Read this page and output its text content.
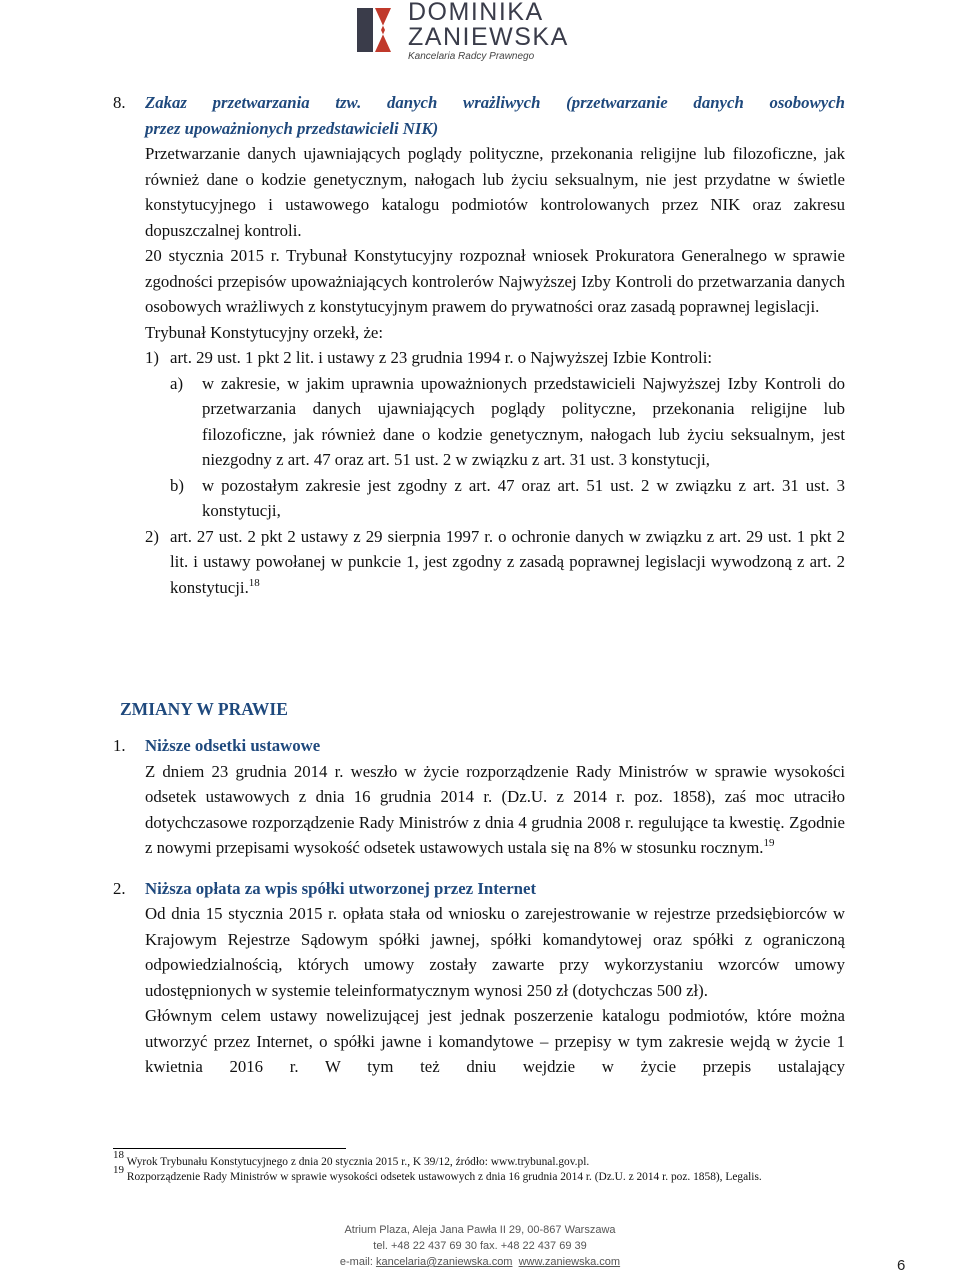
DOMINIKA
ZANIEWSKA
Kancelaria Radcy Prawnego
8. Zakaz przetwarzania tzw. danych wrażliwych (przetwarzanie danych osobowych
przez upoważnionych przedstawicieli NIK)
Przetwarzanie danych ujawniających poglądy polityczne, przekonania religijne lub filozoficzne, jak również dane o kodzie genetycznym, nałogach lub życiu seksualnym, nie jest przydatne w świetle konstytucyjnego i ustawowego katalogu podmiotów kontrolowanych przez NIK oraz zakresu dopuszczalnej kontroli.
20 stycznia 2015 r. Trybunał Konstytucyjny rozpoznał wniosek Prokuratora Generalnego w sprawie zgodności przepisów upoważniających kontrolerów Najwyższej Izby Kontroli do przetwarzania danych osobowych wrażliwych z konstytucyjnym prawem do prywatności oraz zasadą poprawnej legislacji.
Trybunał Konstytucyjny orzekł, że:
1) art. 29 ust. 1 pkt 2 lit. i ustawy z 23 grudnia 1994 r. o Najwyższej Izbie Kontroli:
a) w zakresie, w jakim uprawnia upoważnionych przedstawicieli Najwyższej Izby Kontroli do przetwarzania danych ujawniających poglądy polityczne, przekonania religijne lub filozoficzne, jak również dane o kodzie genetycznym, nałogach lub życiu seksualnym, jest niezgodny z art. 47 oraz art. 51 ust. 2 w związku z art. 31 ust. 3 konstytucji,
b) w pozostałym zakresie jest zgodny z art. 47 oraz art. 51 ust. 2 w związku z art. 31 ust. 3 konstytucji,
2) art. 27 ust. 2 pkt 2 ustawy z 29 sierpnia 1997 r. o ochronie danych w związku z art. 29 ust. 1 pkt 2 lit. i ustawy powołanej w punkcie 1, jest zgodny z zasadą poprawnej legislacji wywodzoną z art. 2 konstytucji.$^{18}$
ZMIANY W PRAWIE
1. Niższe odsetki ustawowe
Z dniem 23 grudnia 2014 r. weszło w życie rozporządzenie Rady Ministrów w sprawie wysokości odsetek ustawowych z dnia 16 grudnia 2014 r. (Dz.U. z 2014 r. poz. 1858), zaś moc utraciło dotychczasowe rozporządzenie Rady Ministrów z dnia 4 grudnia 2008 r. regulujące ta kwestię. Zgodnie z nowymi przepisami wysokość odsetek ustawowych ustala się na 8% w stosunku rocznym.$^{19}$
2. Niższa opłata za wpis spółki utworzonej przez Internet
Od dnia 15 stycznia 2015 r. opłata stała od wniosku o zarejestrowanie w rejestrze przedsiębiorców w Krajowym Rejestrze Sądowym spółki jawnej, spółki komandytowej oraz spółki z ograniczoną odpowiedzialnością, których umowy zostały zawarte przy wykorzystaniu wzorców umowy udostępnionych w systemie teleinformatycznym wynosi 250 zł (dotychczas 500 zł).
Głównym celem ustawy nowelizującej jest jednak poszerzenie katalogu podmiotów, które można utworzyć przez Internet, o spółki jawne i komandytowe – przepisy w tym zakresie wejdą w życie 1 kwietnia 2016 r. W tym też dniu wejdzie w życie przepis ustalający
$^{18}$ Wyrok Trybunału Konstytucyjnego z dnia 20 stycznia 2015 r., K 39/12, źródło: www.trybunal.gov.pl.
$^{19}$ Rozporządzenie Rady Ministrów w sprawie wysokości odsetek ustawowych z dnia 16 grudnia 2014 r. (Dz.U. z 2014 r. poz. 1858), Legalis.
Atrium Plaza, Aleja Jana Pawła II 29, 00-867 Warszawa
tel. +48 22 437 69 30 fax. +48 22 437 69 39
e-mail: kancelaria@zaniewska.com www.zaniewska.com	6
